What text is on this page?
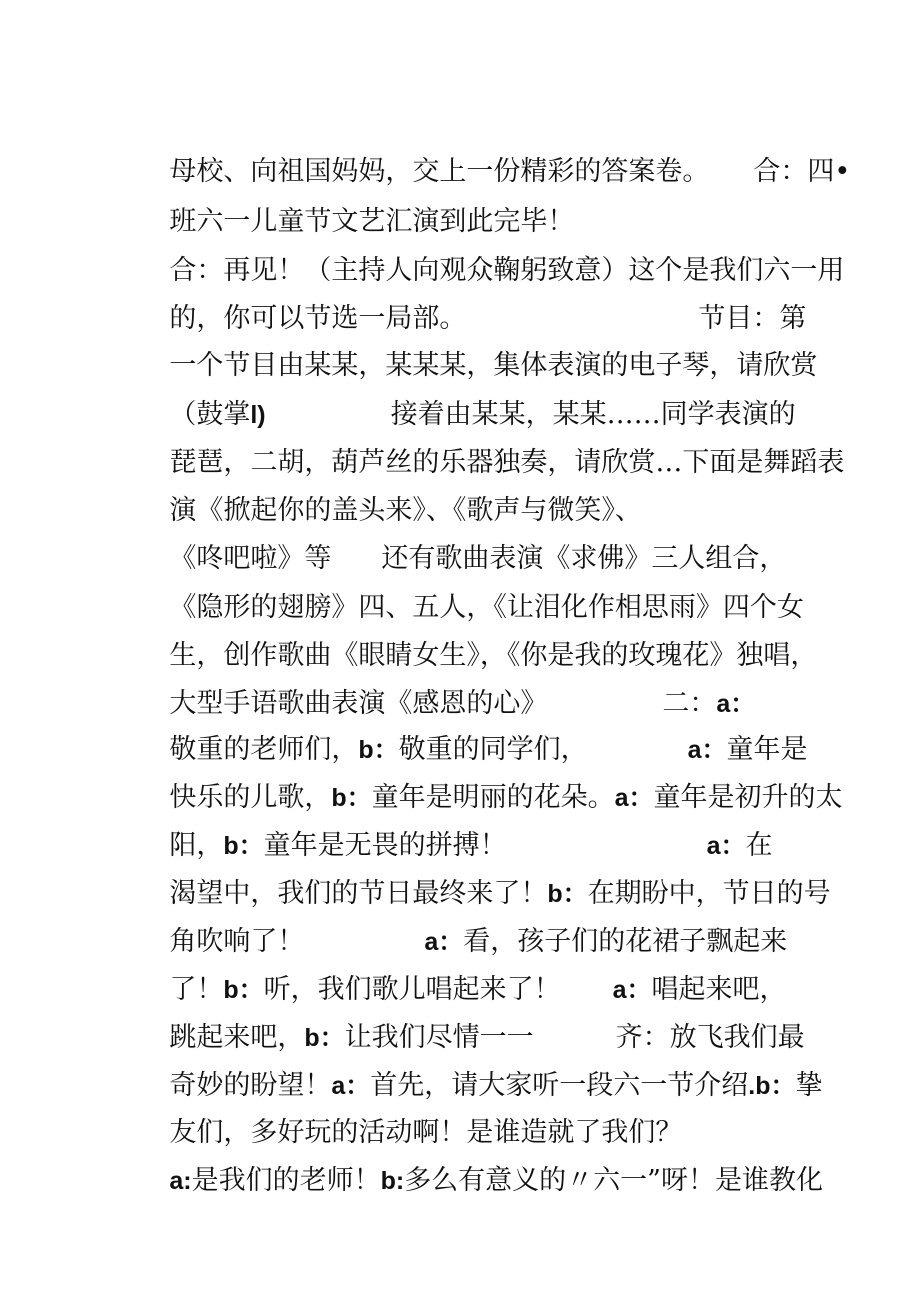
母校、向祖国妈妈，交上一份精彩的答案卷。 合：四•

班六一儿童节文艺汇演到此完毕！

合：再见！（主持人向观众鞠躬致意）这个是我们六一用

的，你可以节选一局部。	节目：第

一个节目由某某，某某某，集体表演的电子琴，请欣赏

（鼓掌l)	接着由某某，某某……同学表演的

琵琶，二胡，葫芦丝的乐器独奏，请欣赏…下面是舞蹈表

演《掀起你的盖头来》、《歌声与微笑》、

《咚吧啦》等 还有歌曲表演《求佛》三人组合，

《隐形的翅膀》四、五人，《让泪化作相思雨》四个女

生，创作歌曲《眼睛女生》，《你是我的玫瑰花》独唱，

大型手语歌曲表演《感恩的心》	二：a：

敬重的老师们，b：敬重的同学们，	a：童年是

快乐的儿歌，b：童年是明丽的花朵。a：童年是初升的太

阳，b：童年是无畏的拼搏！	a：在

渴望中，我们的节日最终来了！b：在期盼中，节日的号

角吹响了！	a：看，孩子们的花裙子飘起来

了！b：听，我们歌儿唱起来了！ a：唱起来吧，

跳起来吧，b：让我们尽情一一	齐：放飞我们最

奇妙的盼望！a：首先，请大家听一段六一节介绍.b：挚

友们，多好玩的活动啊！是谁造就了我们？

a:是我们的老师！b:多么有意义的〃六一”呀！是谁教化
